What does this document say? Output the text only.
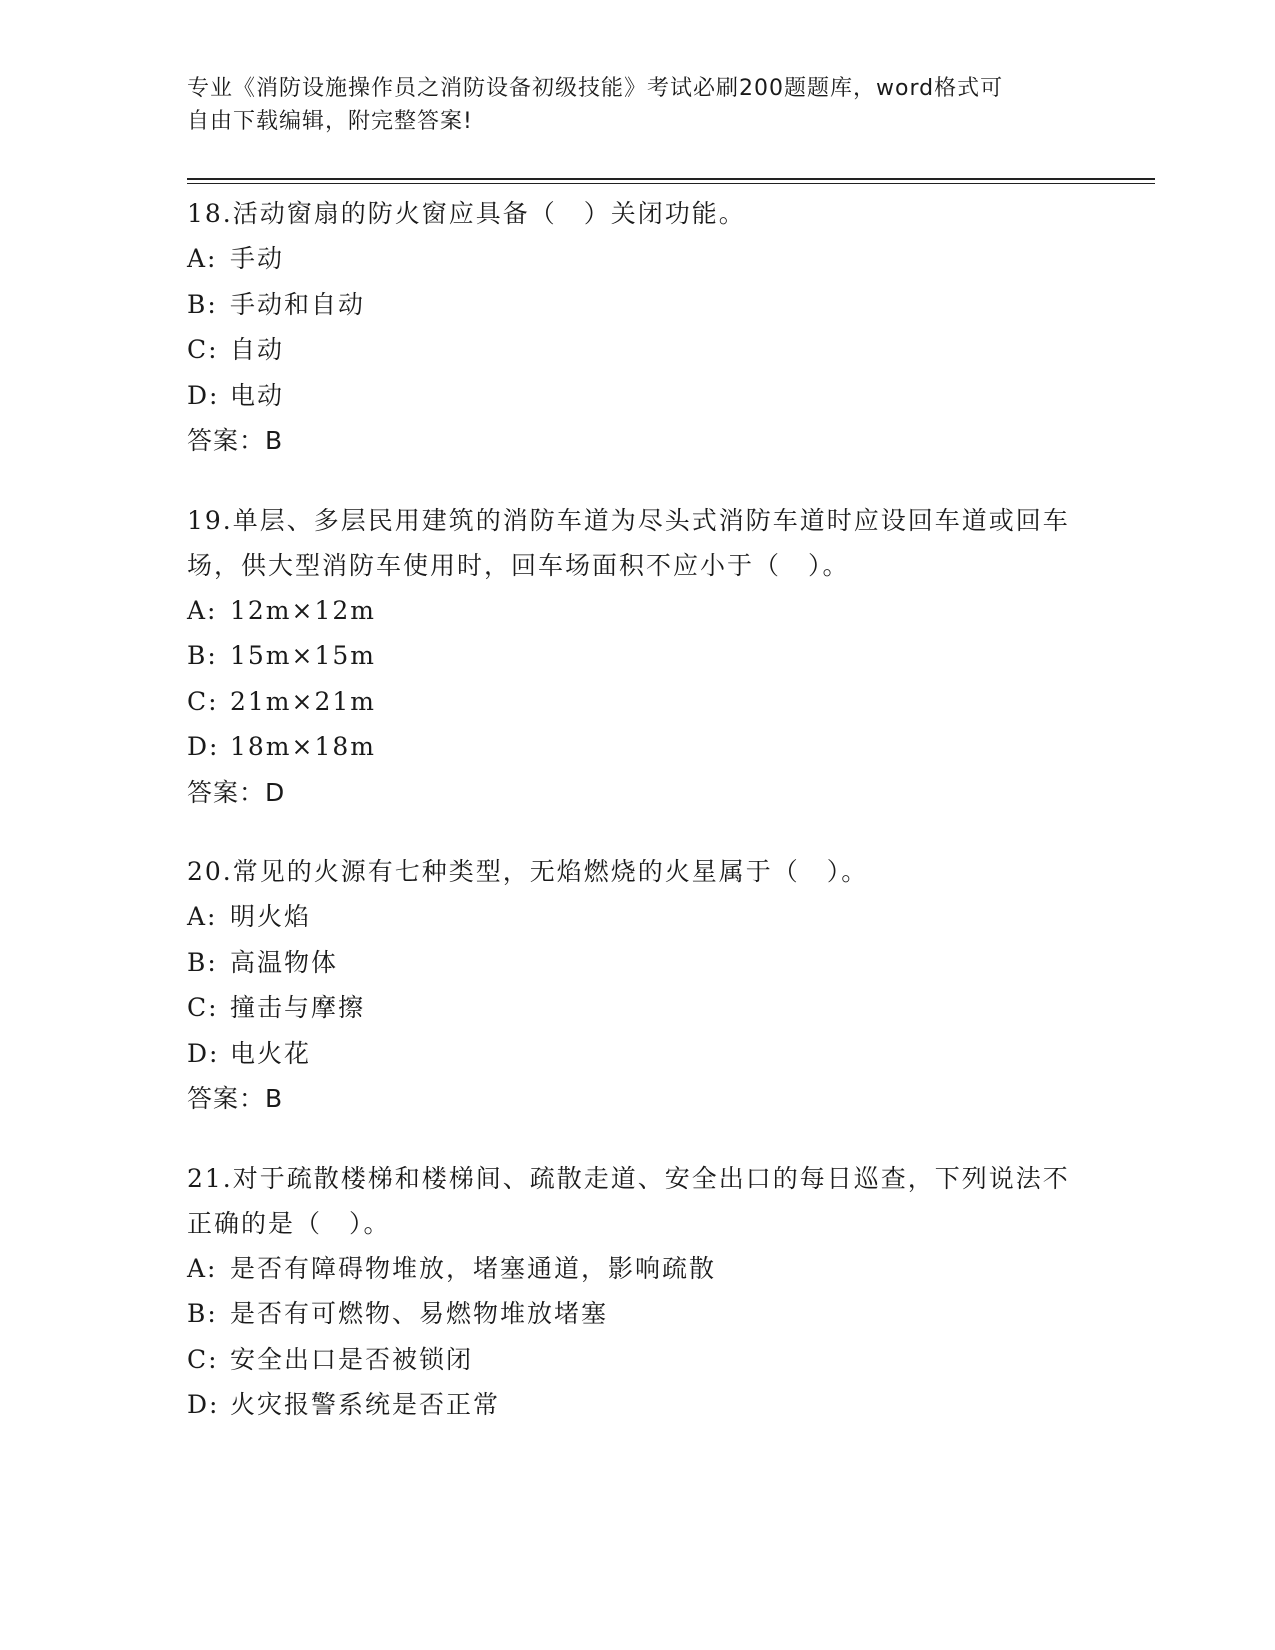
专业《消防设施操作员之消防设备初级技能》考试必刷200题题库，word格式可
自由下载编辑，附完整答案!
18.活动窗扇的防火窗应具备（　）关闭功能。
A: 手动
B: 手动和自动
C: 自动
D: 电动
答案：B
19.单层、多层民用建筑的消防车道为尽头式消防车道时应设回车道或回车场，供大型消防车使用时，回车场面积不应小于（　）。
A: 12m×12m
B: 15m×15m
C: 21m×21m
D: 18m×18m
答案：D
20.常见的火源有七种类型，无焰燃烧的火星属于（　）。
A: 明火焰
B: 高温物体
C: 撞击与摩擦
D: 电火花
答案：B
21.对于疏散楼梯和楼梯间、疏散走道、安全出口的每日巡查，下列说法不正确的是（　）。
A: 是否有障碍物堆放，堵塞通道，影响疏散
B: 是否有可燃物、易燃物堆放堵塞
C: 安全出口是否被锁闭
D: 火灾报警系统是否正常
